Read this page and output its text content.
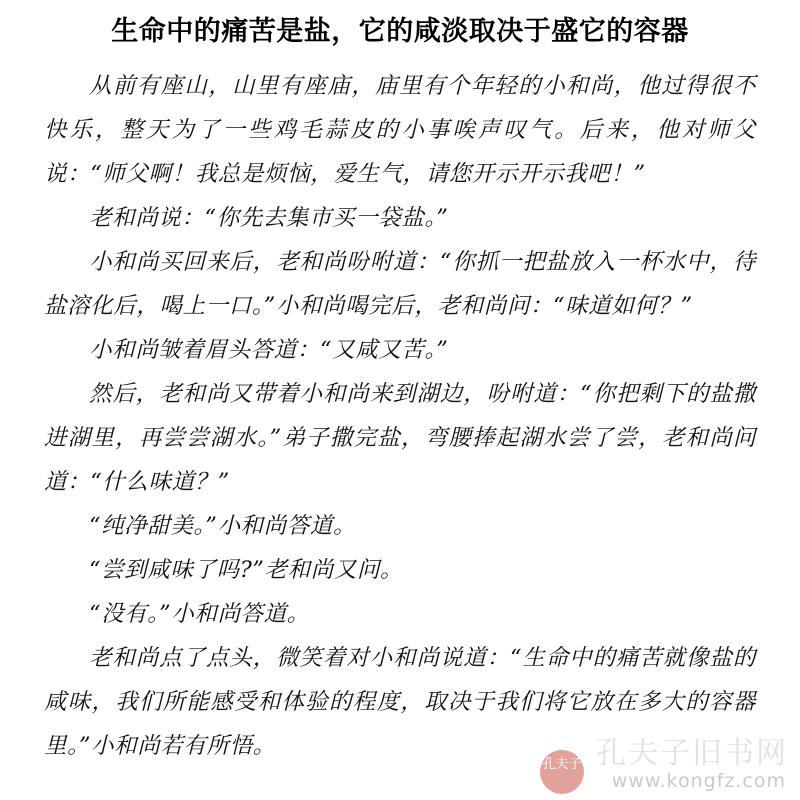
生命中的痛苦是盐，它的咸淡取决于盛它的容器

从前有座山，山里有座庙，庙里有个年轻的小和尚，他过得很不快乐，整天为了一些鸡毛蒜皮的小事唉声叹气。后来，他对师父说：“师父啊！我总是烦恼，爱生气，请您开示开示我吧！”

老和尚说：“你先去集市买一袋盐。”

小和尚买回来后，老和尚吩咐道：“你抓一把盐放入一杯水中，待盐溶化后，喝上一口。”小和尚喝完后，老和尚问：“味道如何？”

小和尚皱着眉头答道：“又咸又苦。”

然后，老和尚又带着小和尚来到湖边，吩咐道：“你把剩下的盐撒进湖里，再尝尝湖水。”弟子撒完盐，弯腰捧起湖水尝了尝，老和尚问道：“什么味道？”

“纯净甜美。”小和尚答道。

“尝到咸味了吗?”老和尚又问。

“没有。”小和尚答道。

老和尚点了点头，微笑着对小和尚说道：“生命中的痛苦就像盐的咸味，我们所能感受和体验的程度，取决于我们将它放在多大的容器里。”小和尚若有所悟。	孔夫子旧书网
www.kongfz.com
孔夫子
